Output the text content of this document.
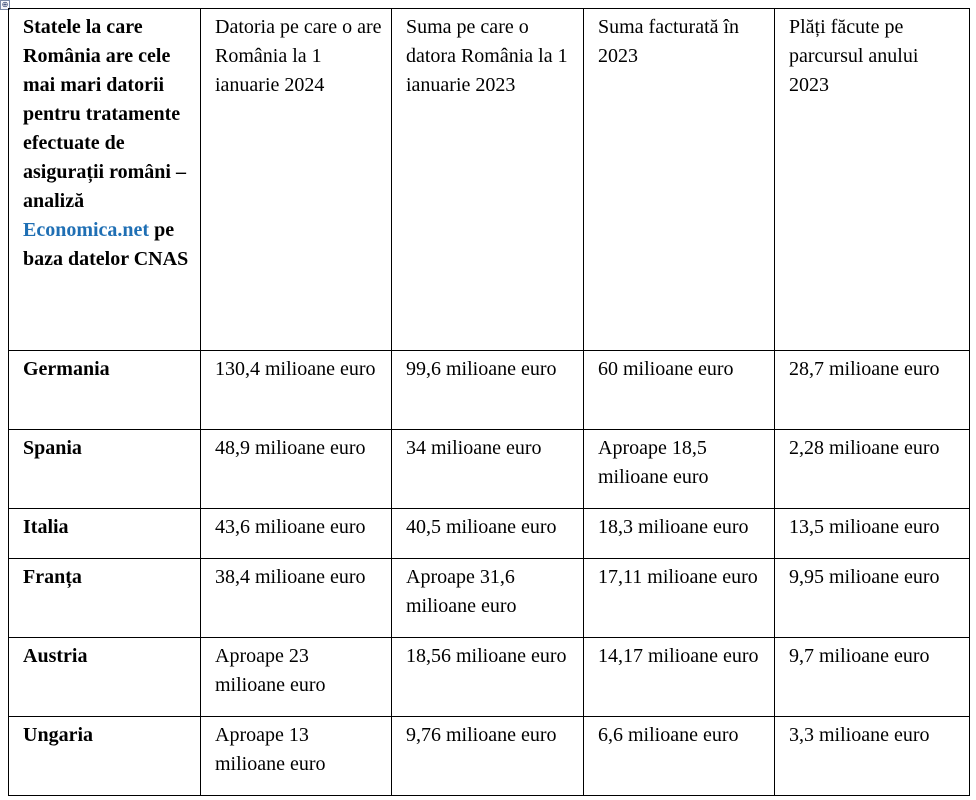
⊕
Statele la care România are cele mai mari datorii pentru tratamente efectuate de asigurații români – analiză Economica.net pe baza datelor CNAS	Datoria pe care o are România la 1 ianuarie 2024	Suma pe care o datora România la 1 ianuarie 2023	Suma facturată în 2023	Plăți făcute pe parcursul anului 2023
Germania	130,4 milioane euro	99,6 milioane euro	60 milioane euro	28,7 milioane euro
Spania	48,9 milioane euro	34 milioane euro	Aproape 18,5 milioane euro	2,28 milioane euro
Italia	43,6 milioane euro	40,5 milioane euro	18,3 milioane euro	13,5 milioane euro
Franța	38,4 milioane euro	Aproape 31,6 milioane euro	17,11 milioane euro	9,95 milioane euro
Austria	Aproape 23 milioane euro	18,56 milioane euro	14,17 milioane euro	9,7 milioane euro
Ungaria	Aproape 13 milioane euro	9,76 milioane euro	6,6 milioane euro	3,3 milioane euro
